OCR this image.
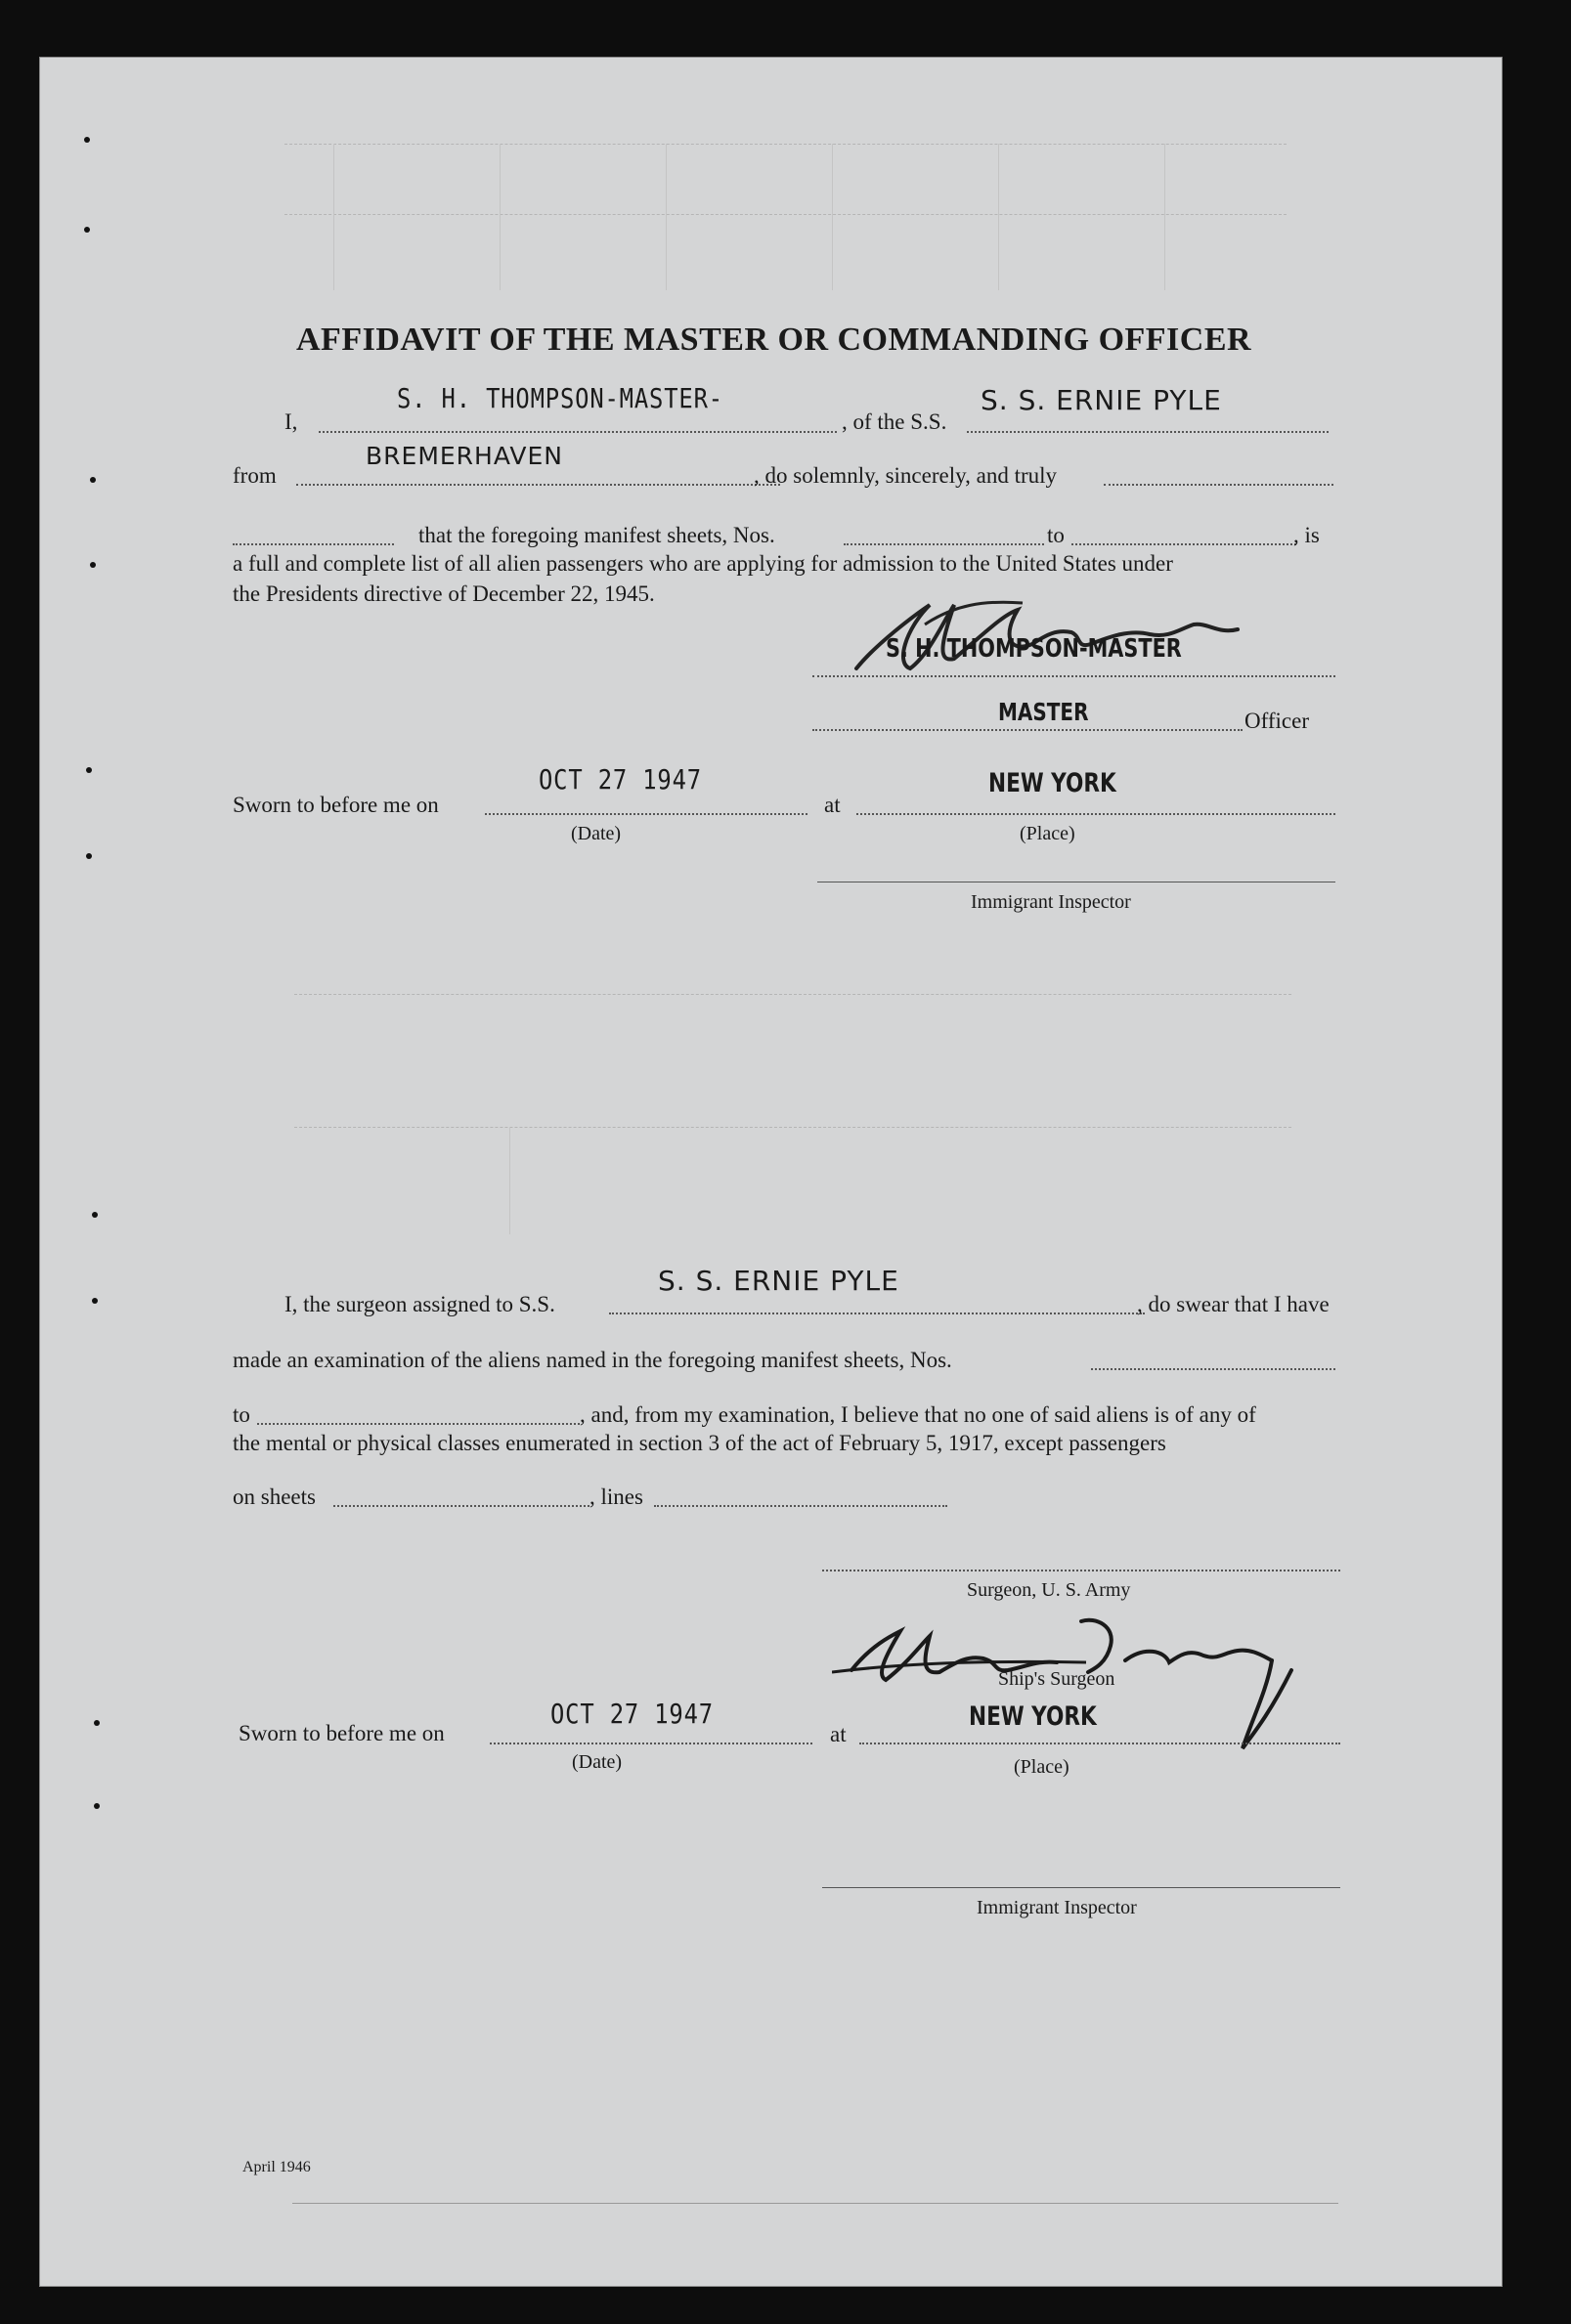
AFFIDAVIT OF THE MASTER OR COMMANDING OFFICER
I,
S. H. THOMPSON-MASTER-
, of the S.S.
S. S. ERNIE PYLE
from
BREMERHAVEN
, do solemnly, sincerely, and truly
that the foregoing manifest sheets, Nos.	to	, is
a full and complete list of all alien passengers who are applying for admission to the United States under
the Presidents directive of December 22, 1945.
S. H. THOMPSON-MASTER
MASTER	Officer
Sworn to before me on
OCT 27 1947
at
NEW YORK
(Date)	(Place)
Immigrant Inspector
S. S. ERNIE PYLE
I, the surgeon assigned to S.S.	, do swear that I have
made an examination of the aliens named in the foregoing manifest sheets, Nos.
to	, and, from my examination, I believe that no one of said aliens is of any of
the mental or physical classes enumerated in section 3 of the act of February 5, 1917, except passengers
on sheets	, lines
Surgeon, U. S. Army
Ship's Surgeon
Sworn to before me on
OCT 27 1947
at
NEW YORK
(Date)	(Place)
Immigrant Inspector
April 1946
